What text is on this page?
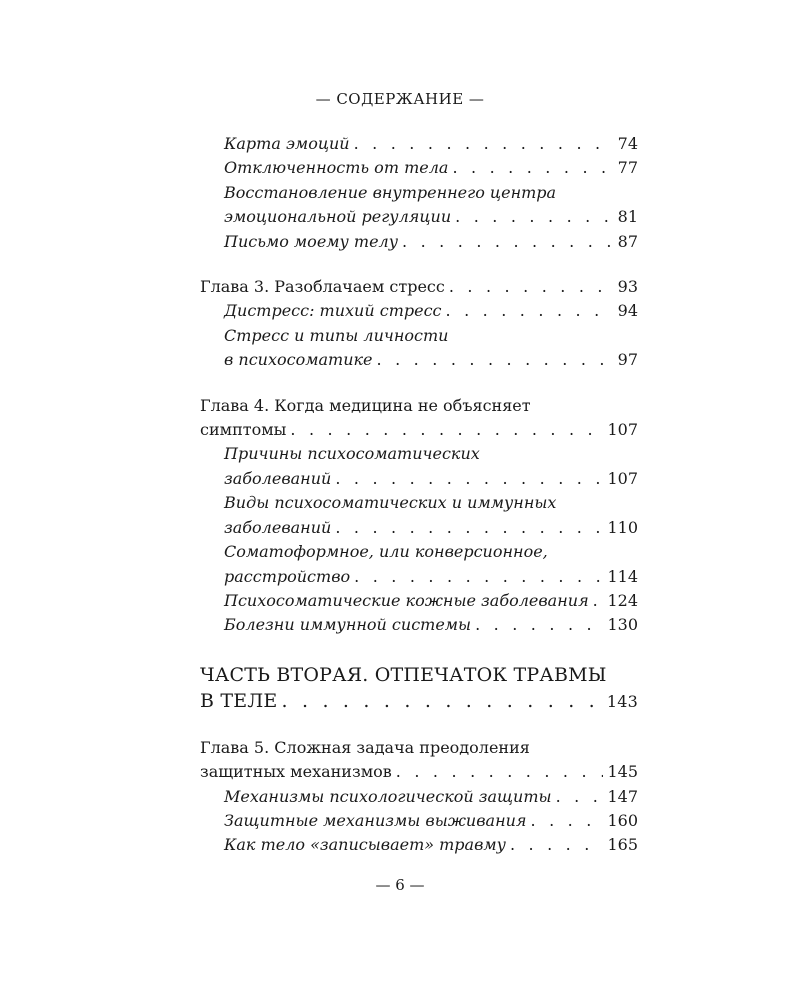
— СОДЕРЖАНИЕ —
Карта эмоций . . .	74
Отключенность от тела . . .	77
Восстановление внутреннего центра
эмоциональной регуляции . . .	81
Письмо моему телу . . .	87
Глава 3. Разоблачаем стресс . . .	93
Дистресс: тихий стресс . . .	94
Стресс и типы личности
в психосоматике . . .	97
Глава 4. Когда медицина не объясняет
симптомы . . .	107
Причины психосоматических
заболеваний . . .	107
Виды психосоматических и иммунных
заболеваний . . .	110
Соматоформное, или конверсионное,
расстройство . . .	114
Психосоматические кожные заболевания . . . 124
Болезни иммунной системы . . .	130
ЧАСТЬ ВТОРАЯ. ОТПЕЧАТОК ТРАВМЫ
В ТЕЛЕ . . .	143
Глава 5. Сложная задача преодоления
защитных механизмов . . .	145
Механизмы психологической защиты . . .	147
Защитные механизмы выживания . . .	160
Как тело «записывает» травму . . .	165
— 6 —
